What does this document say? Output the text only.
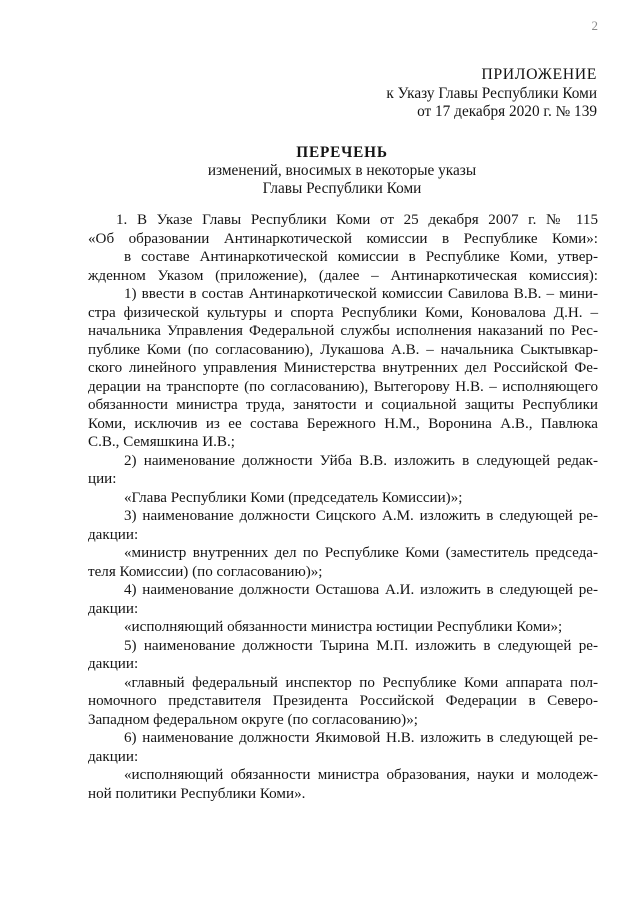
2
ПРИЛОЖЕНИЕ
к Указу Главы Республики Коми
от 17 декабря 2020 г. № 139
ПЕРЕЧЕНЬ
изменений, вносимых в некоторые указы
Главы Республики Коми
1. В Указе Главы Республики Коми от 25 декабря 2007 г. № 115
«Об образовании Антинаркотической комиссии в Республике Коми»:
в составе Антинаркотической комиссии в Республике Коми, утвер-
жденном Указом (приложение), (далее – Антинаркотическая комиссия):
1) ввести в состав Антинаркотической комиссии Савилова В.В. – мини-
стра физической культуры и спорта Республики Коми, Коновалова Д.Н. –
начальника Управления Федеральной службы исполнения наказаний по Рес-
публике Коми (по согласованию), Лукашова А.В. – начальника Сыктывкар-
ского линейного управления Министерства внутренних дел Российской Фе-
дерации на транспорте (по согласованию), Вытегорову Н.В. – исполняющего
обязанности министра труда, занятости и социальной защиты Республики
Коми, исключив из ее состава Бережного Н.М., Воронина А.В., Павлюка
С.В., Семяшкина И.В.;
2) наименование должности Уйба В.В. изложить в следующей редак-
ции:
«Глава Республики Коми (председатель Комиссии)»;
3) наименование должности Сицского А.М. изложить в следующей ре-
дакции:
«министр внутренних дел по Республике Коми (заместитель председа-
теля Комиссии) (по согласованию)»;
4) наименование должности Осташова А.И. изложить в следующей ре-
дакции:
«исполняющий обязанности министра юстиции Республики Коми»;
5) наименование должности Тырина М.П. изложить в следующей ре-
дакции:
«главный федеральный инспектор по Республике Коми аппарата пол-
номочного представителя Президента Российской Федерации в Северо-
Западном федеральном округе (по согласованию)»;
6) наименование должности Якимовой Н.В. изложить в следующей ре-
дакции:
«исполняющий обязанности министра образования, науки и молодеж-
ной политики Республики Коми».
